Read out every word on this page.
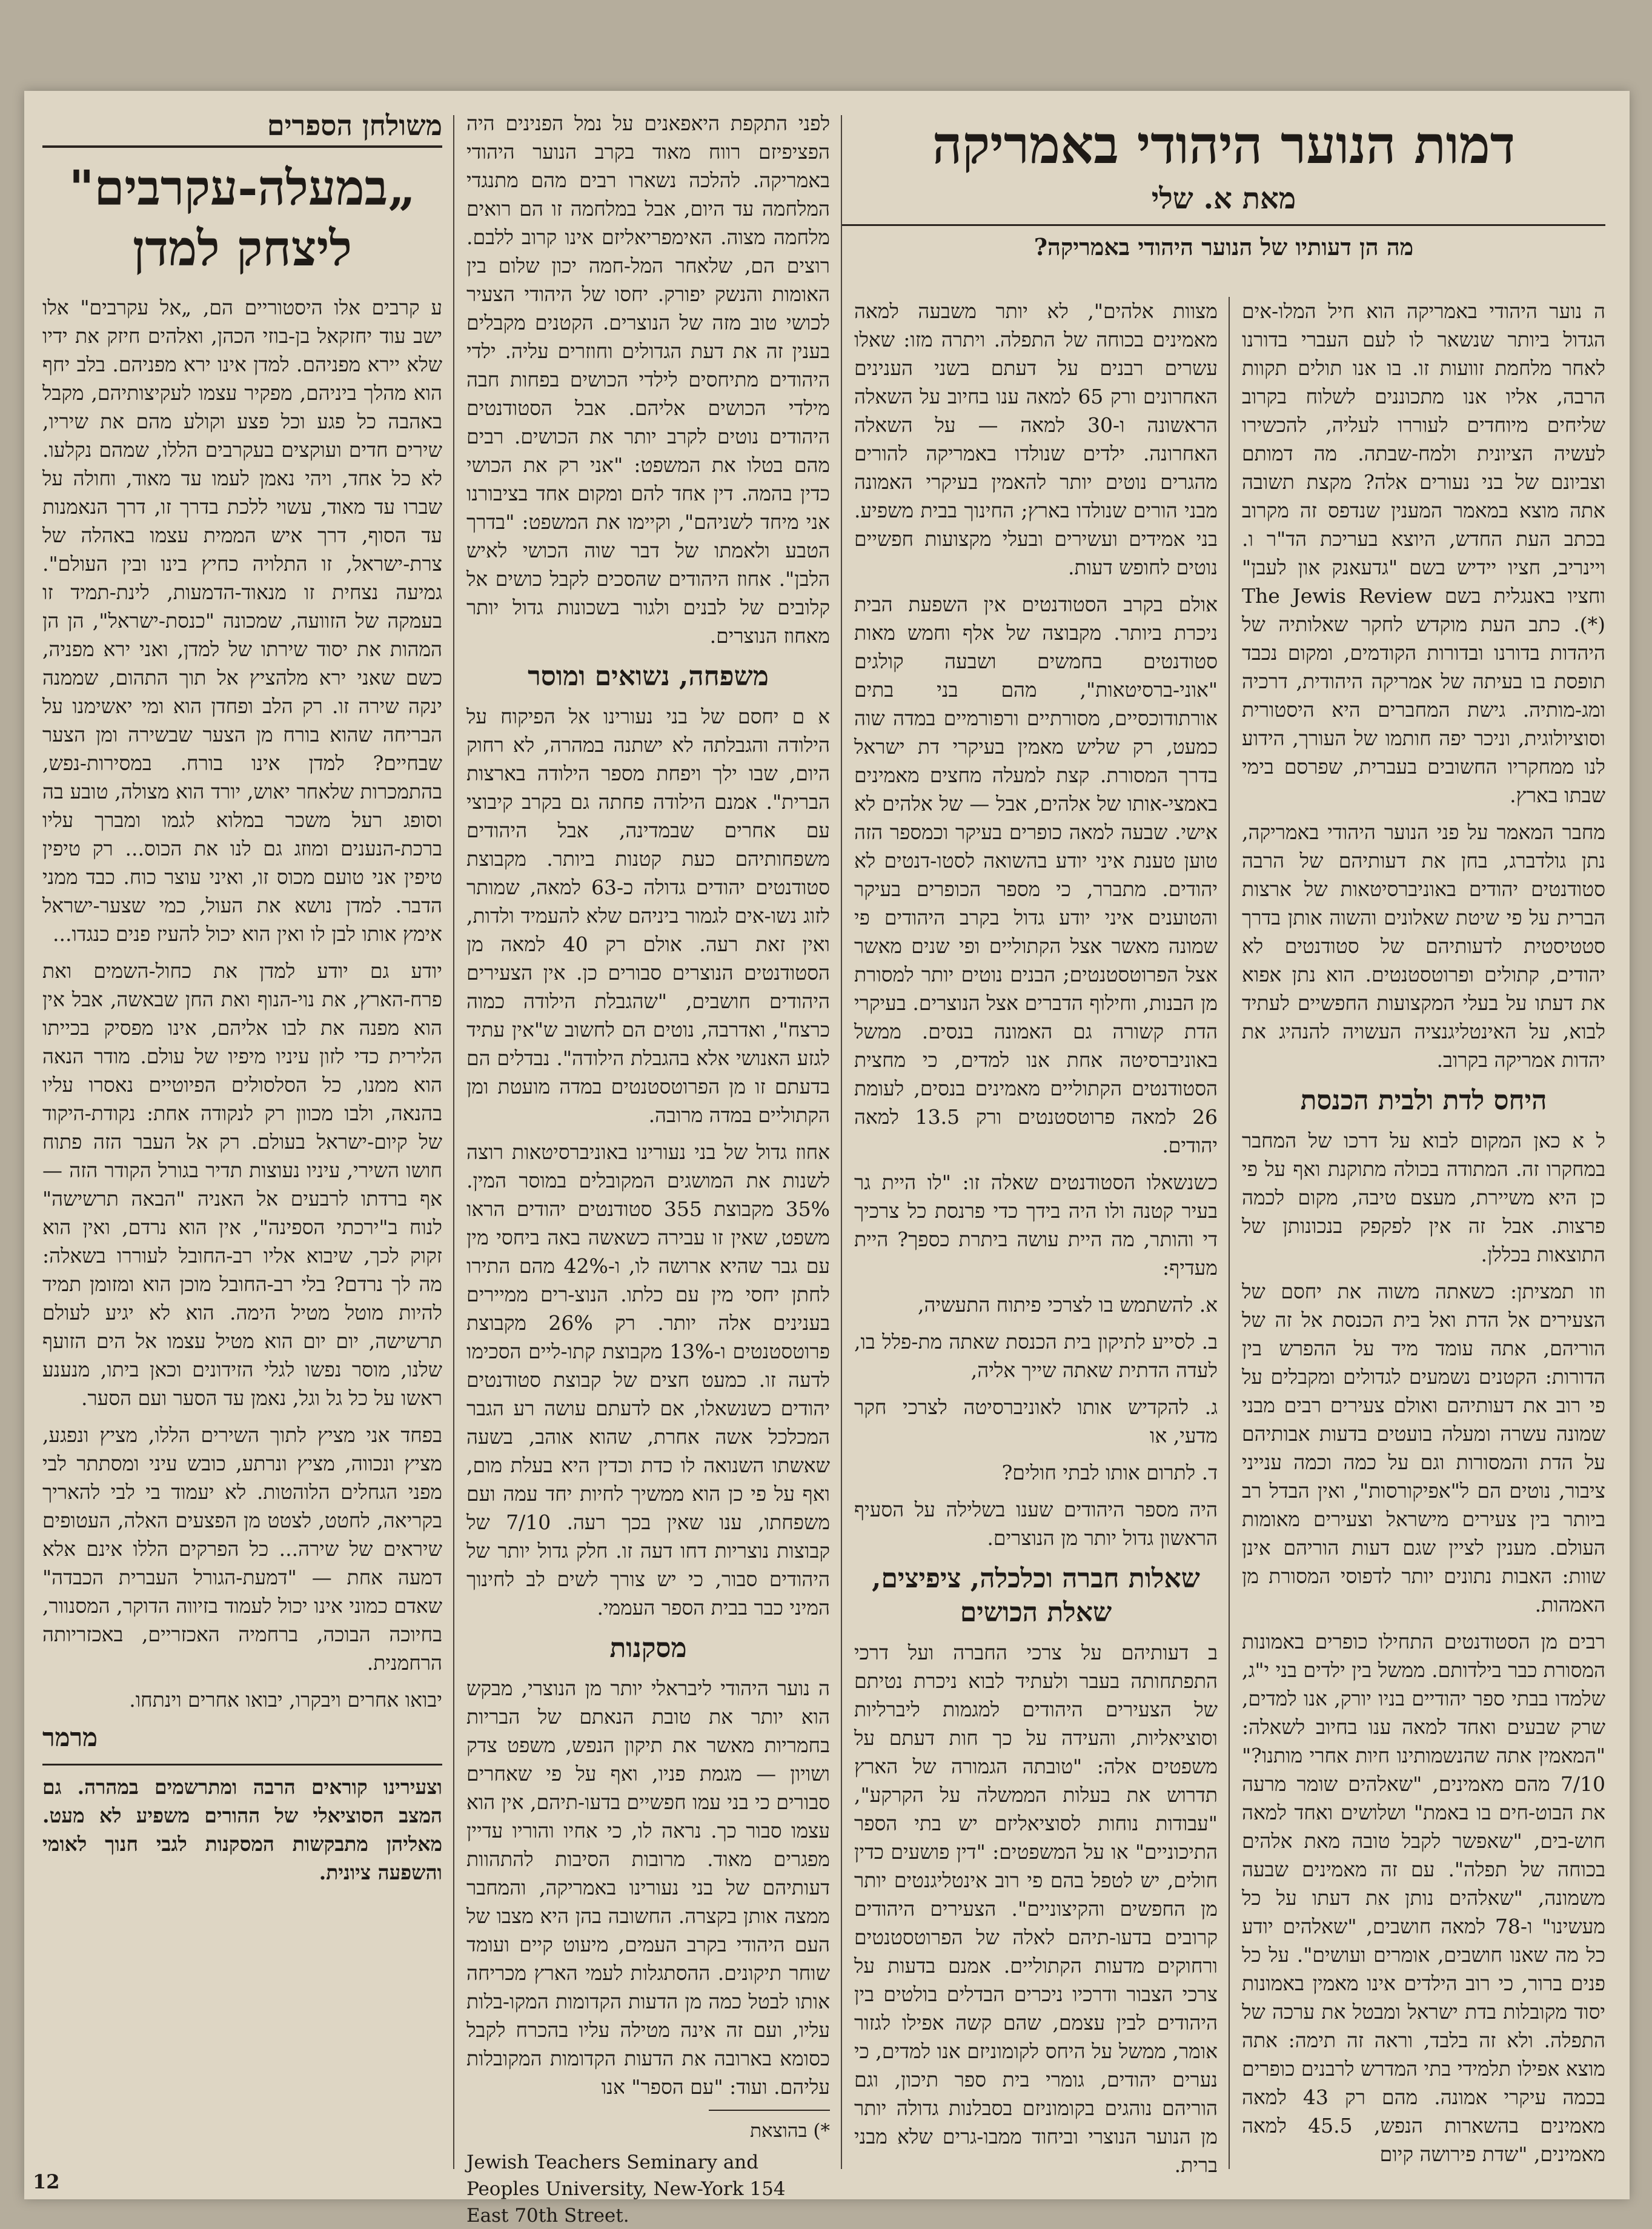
דמות הנוער היהודי באמריקה
מאת א. שלי
מה הן דעותיו של הנוער היהודי באמריקה?

ה נוער היהודי באמריקה הוא חיל המלו-אים הגדול ביותר שנשאר לו לעם העברי בדורנו לאחר מלחמת זוועות זו. בו אנו תולים תקוות הרבה, אליו אנו מתכוננים לשלוח בקרוב שליחים מיוחדים לעוררו לעליה, להכשירו לעשיה הציונית ולמח-שבתה. מה דמותם וצביונם של בני נעורים אלה? מקצת תשובה אתה מוצא במאמר המענין שנדפס זה מקרוב בכתב העת החדש, היוצא בעריכת הד"ר ו. ויינריב, חציו יידיש בשם "גדעאנק און לעבן" וחציו באנגלית בשם The Jewis Review (*). כתב העת מוקדש לחקר שאלותיה של היהדות בדורנו ובדורות הקודמים, ומקום נכבד תופסת בו בעיתה של אמריקה היהודית, דרכיה ומג-מותיה. גישת המחברים היא היסטורית וסוציולוגית, וניכר יפה חותמו של העורך, הידוע לנו ממחקריו החשובים בעברית, שפרסם בימי שבתו בארץ.

מחבר המאמר על פני הנוער היהודי באמריקה, נתן גולדברג, בחן את דעותיהם של הרבה סטודנטים יהודים באוניברסיטאות של ארצות הברית על פי שיטת שאלונים והשוה אותן בדרך סטטיסטית לדעותיהם של סטודנטים לא יהודים, קתולים ופרוטסטנטים. הוא נתן אפוא את דעתו על בעלי המקצועות החפשיים לעתיד לבוא, על האינטליגנציה העשויה להנהיג את יהדות אמריקה בקרוב.

היחס לדת ולבית הכנסת

ל א כאן המקום לבוא על דרכו של המחבר במחקרו זה. המתודה בכולה מתוקנת ואף על פי כן היא משיירת, מעצם טיבה, מקום לכמה פרצות. אבל זה אין לפקפק בנכונותן של התוצאות בכללן.

וזו תמציתן: כשאתה משוה את יחסם של הצעירים אל הדת ואל בית הכנסת אל זה של הוריהם, אתה עומד מיד על ההפרש בין הדורות: הקטנים נשמעים לגדולים ומקבלים על פי רוב את דעותיהם ואולם צעירים רבים מבני שמונה עשרה ומעלה בועטים בדעות אבותיהם על הדת והמסורות וגם על כמה וכמה ענייני ציבור, נוטים הם ל"אפיקורסות", ואין הבדל רב ביותר בין צעירים מישראל וצעירים מאומות העולם. מענין לציין שגם דעות הוריהם אינן שוות: האבות נתונים יותר לדפוסי המסורת מן האמהות.

רבים מן הסטודנטים התחילו כופרים באמונות המסורת כבר בילדותם. ממשל בין ילדים בני י"ג, שלמדו בבתי ספר יהודיים בניו יורק, אנו למדים, שרק שבעים ואחד למאה ענו בחיוב לשאלה: "המאמין אתה שהנשמותינו חיות אחרי מותנו?" 7/10 מהם מאמינים, "שאלהים שומר מרעה את הבוט-חים בו באמת" ושלושים ואחד למאה חוש-בים, "שאפשר לקבל טובה מאת אלהים בכוחה של תפלה". עם זה מאמינים שבעה משמונה, "שאלהים נותן את דעתו על כל מעשינו" ו-78 למאה חושבים, "שאלהים יודע כל מה שאנו חושבים, אומרים ועושים". על כל פנים ברור, כי רוב הילדים אינו מאמין באמונות יסוד מקובלות בדת ישראל ומבטל את ערכה של התפלה. ולא זה בלבד, וראה זה תימה: אתה מוצא אפילו תלמידי בתי המדרש לרבנים כופרים בכמה עיקרי אמונה. מהם רק 43 למאה מאמינים בהשארות הנפש, 45.5 למאה מאמינים, "שדת פירושה קיום

מצוות אלהים", לא יותר משבעה למאה מאמינים בכוחה של התפלה. ויתרה מזו: שאלו עשרים רבנים על דעתם בשני הענינים האחרונים ורק 65 למאה ענו בחיוב על השאלה הראשונה ו-30 למאה — על השאלה האחרונה. ילדים שנולדו באמריקה להורים מהגרים נוטים יותר להאמין בעיקרי האמונה מבני הורים שנולדו בארץ; החינוך בבית משפיע. בני אמידים ועשירים ובעלי מקצועות חפשיים נוטים לחופש דעות.

אולם בקרב הסטודנטים אין השפעת הבית ניכרת ביותר. מקבוצה של אלף וחמש מאות סטודנטים בחמשים ושבעה קולגים "אוני-ברסיטאות", מהם בני בתים אורתודוכסיים, מסורתיים ורפורמיים במדה שוה כמעט, רק שליש מאמין בעיקרי דת ישראל בדרך המסורת. קצת למעלה מחצים מאמינים באמצי-אותו של אלהים, אבל — של אלהים לא אישי. שבעה למאה כופרים בעיקר וכמספר הזה טוען טענת איני יודע בהשואה לסטו-דנטים לא יהודים. מתברר, כי מספר הכופרים בעיקר והטוענים איני יודע גדול בקרב היהודים פי שמונה מאשר אצל הקתוליים ופי שנים מאשר אצל הפרוטסטנטים; הבנים נוטים יותר למסורת מן הבנות, וחילוף הדברים אצל הנוצרים. בעיקרי הדת קשורה גם האמונה בנסים. ממשל באוניברסיטה אחת אנו למדים, כי מחצית הסטודנטים הקתוליים מאמינים בנסים, לעומת 26 למאה פרוטסטנטים ורק 13.5 למאה יהודים.

כשנשאלו הסטודנטים שאלה זו: "לו היית גר בעיר קטנה ולו היה בידך כדי פרנסת כל צרכיך די והותר, מה היית עושה ביתרת כספך? היית מעדיף:

א. להשתמש בו לצרכי פיתוח התעשיה,

ב. לסייע לתיקון בית הכנסת שאתה מת-פלל בו, לעדה הדתית שאתה שייך אליה,

ג. להקדיש אותו לאוניברסיטה לצרכי חקר מדעי, או

ד. לתרום אותו לבתי חולים?

היה מספר היהודים שענו בשלילה על הסעיף הראשון גדול יותר מן הנוצרים.

שאלות חברה וכלכלה, ציפיצים, שאלת הכושים

ב דעותיהם על צרכי החברה ועל דרכי התפתחותה בעבר ולעתיד לבוא ניכרת נטיתם של הצעירים היהודים למגמות ליברליות וסוציאליות, והעידה על כך חות דעתם על משפטים אלה: "טובתה הגמורה של הארץ תדרוש את בעלות הממשלה על הקרקע", "עבודות נוחות לסוציאליזם יש בתי הספר התיכוניים" או על המשפטים: "דין פושעים כדין חולים, יש לטפל בהם פי רוב אינטליגנטים יותר מן החפשים והקיצוניים". הצעירים היהודים קרובים בדעו-תיהם לאלה של הפרוטסטנטים ורחוקים מדעות הקתוליים. אמנם בדעות על צרכי הצבור ודרכיו ניכרים הבדלים בולטים בין היהודים לבין עצמם, שהם קשה אפילו לגזור אומר, ממשל על היחס לקומוניזם אנו למדים, כי נערים יהודים, גומרי בית ספר תיכון, וגם הוריהם נוהגים בקומוניזם בסבלנות גדולה יותר מן הנוער הנוצרי וביחוד ממבו-גרים שלא מבני ברית.

לפני התקפת היאפאנים על נמל הפנינים היה הפציפיזם רווח מאוד בקרב הנוער היהודי באמריקה. להלכה נשארו רבים מהם מתנגדי המלחמה עד היום, אבל במלחמה זו הם רואים מלחמה מצוה. האימפריאליזם אינו קרוב ללבם. רוצים הם, שלאחר המל-חמה יכון שלום בין האומות והנשק יפורק. יחסו של היהודי הצעיר לכושי טוב מזה של הנוצרים. הקטנים מקבלים בענין זה את דעת הגדולים וחוזרים עליה. ילדי היהודים מתיחסים לילדי הכושים בפחות חבה מילדי הכושים אליהם. אבל הסטודנטים היהודים נוטים לקרב יותר את הכושים. רבים מהם בטלו את המשפט: "אני רק את הכושי כדין בהמה. דין אחד להם ומקום אחד בציבורנו אני מיחד לשניהם", וקיימו את המשפט: "בדרך הטבע ולאמתו של דבר שוה הכושי לאיש הלבן". אחוז היהודים שהסכים לקבל כושים אל קלובים של לבנים ולגור בשכונות גדול יותר מאחוז הנוצרים.

משפחה, נשואים ומוסר

א ם יחסם של בני נעורינו אל הפיקוח על הילודה והגבלתה לא ישתנה במהרה, לא רחוק היום, שבו ילך ויפחת מספר הילודה בארצות הברית". אמנם הילודה פחתה גם בקרב קיבוצי עם אחרים שבמדינה, אבל היהודים משפחותיהם כעת קטנות ביותר. מקבוצת סטודנטים יהודים גדולה כ-63 למאה, שמותר לזוג נשו-אים לגמור ביניהם שלא להעמיד ולדות, ואין זאת רעה. אולם רק 40 למאה מן הסטודנטים הנוצרים סבורים כן. אין הצעירים היהודים חושבים, "שהגבלת הילודה כמוה כרצח", ואדרבה, נוטים הם לחשוב ש"אין עתיד לגזע האנושי אלא בהגבלת הילודה". נבדלים הם בדעתם זו מן הפרוטסטנטים במדה מועטת ומן הקתוליים במדה מרובה.

אחוז גדול של בני נעורינו באוניברסיטאות רוצה לשנות את המושגים המקובלים במוסר המין. 35% מקבוצת 355 סטודנטים יהודים הראו משפט, שאין זו עבירה כשאשה באה ביחסי מין עם גבר שהיא ארושה לו, ו-42% מהם התירו לחתן יחסי מין עם כלתו. הנוצ-רים ממיירים בענינים אלה יותר. רק 26% מקבוצת פרוטסטנטים ו-13% מקבוצת קתו-ליים הסכימו לדעה זו. כמעט חצים של קבוצת סטודנטים יהודים כשנשאלו, אם לדעתם עושה רע הגבר המכלכל אשה אחרת, שהוא אוהב, בשעה שאשתו השנואה לו כדת וכדין היא בעלת מום, ואף על פי כן הוא ממשיך לחיות יחד עמה ועם משפחתו, ענו שאין בכך רעה. 7/10 של קבוצות נוצריות דחו דעה זו. חלק גדול יותר של היהודים סבור, כי יש צורך לשים לב לחינוך המיני כבר בבית הספר העממי.

מסקנות

ה נוער היהודי ליבראלי יותר מן הנוצרי, מבקש הוא יותר את טובת הנאתם של הבריות בחמריות מאשר את תיקון הנפש, משפט צדק ושויון — מגמת פניו, ואף על פי שאחרים סבורים כי בני עמו חפשיים בדעו-תיהם, אין הוא עצמו סבור כך. נראה לו, כי אחיו והוריו עדיין מפגרים מאוד. מרובות הסיבות להתהוות דעותיהם של בני נעורינו באמריקה, והמחבר ממצה אותן בקצרה. החשובה בהן היא מצבו של העם היהודי בקרב העמים, מיעוט קיים ועומד שוחר תיקונים. ההסתגלות לעמי הארץ מכריחה אותו לבטל כמה מן הדעות הקדומות המקו-בלות עליו, ועם זה אינה מטילה עליו בהכרח לקבל כסומא בארובה את הדעות הקדומות המקובלות עליהם. ועוד: "עם הספר" אנו

*) בהוצאת

Jewish Teachers Seminary and Peoples University, New-York 154 East 70th Street.

משולחן הספרים
„במעלה-עקרבים" ליצחק למדן

ע קרבים אלו היסטוריים הם, „אל עקרבים" אלו ישב עוד יחזקאל בן-בוזי הכהן, ואלהים חיזק את ידיו שלא יירא מפניהם. למדן אינו ירא מפניהם. בלב יחף הוא מהלך ביניהם, מפקיר עצמו לעקיצותיהם, מקבל באהבה כל פגע וכל פצע וקולע מהם את שיריו, שירים חדים ועוקצים בעקרבים הללו, שמהם נקלעו. לא כל אחד, ויהי נאמן לעמו עד מאוד, וחולה על שברו עד מאוד, עשוי ללכת בדרך זו, דרך הנאמנות עד הסוף, דרך איש הממית עצמו באהלה של צרת-ישראל, זו התלויה כחיץ בינו ובין העולם". גמיעה נצחית זו מנאוד-הדמעות, לינת-תמיד זו בעמקה של הזוועה, שמכונה "כנסת-ישראל", הן הן המהות את יסוד שירתו של למדן, ואני ירא מפניה, כשם שאני ירא מלהציץ אל תוך התהום, שממנה ינקה שירה זו. רק הלב ופחדן הוא ומי יאשימנו על הבריחה שהוא בורח מן הצער שבשירה ומן הצער שבחיים? למדן אינו בורח. במסירות-נפש, בהתמכרות שלאחר יאוש, יורד הוא מצולה, טובע בה וסופג רעל משכר במלוא לגמו ומברך עליו ברכת-הנענים ומוזג גם לנו את הכוס... רק טיפין טיפין אני טועם מכוס זו, ואיני עוצר כוח. כבד ממני הדבר. למדן נושא את העול, כמי שצער-ישראל אימץ אותו לבן לו ואין הוא יכול להעיז פנים כנגדו...

יודע גם יודע למדן את כחול-השמים ואת פרח-הארץ, את נוי-הנוף ואת החן שבאשה, אבל אין הוא מפנה את לבו אליהם, אינו מפסיק בכייתו הלירית כדי לזון עיניו מיפיו של עולם. מודר הנאה הוא ממנו, כל הסלסולים הפיוטיים נאסרו עליו בהנאה, ולבו מכוון רק לנקודה אחת: נקודת-היקוד של קיום-ישראל בעולם. רק אל העבר הזה פתוח חושו השירי, עיניו נעוצות תדיר בגורל הקודר הזה — אף ברדתו לרבעים אל האניה "הבאה תרשישה" לנוח ב"ירכתי הספינה", אין הוא נרדם, ואין הוא זקוק לכך, שיבוא אליו רב-החובל לעוררו בשאלה: מה לך נרדם? בלי רב-החובל מוכן הוא ומזומן תמיד להיות מוטל מטיל הימה. הוא לא יגיע לעולם תרשישה, יום יום הוא מטיל עצמו אל הים הזועף שלנו, מוסר נפשו לגלי הזידונים וכאן ביתו, מנענע ראשו על כל גל וגל, נאמן עד הסער ועם הסער.

בפחד אני מציץ לתוך השירים הללו, מציץ ונפגע, מציץ ונכווה, מציץ ונרתע, כובש עיני ומסתתר לבי מפני הגחלים הלוהטות. לא יעמוד בי לבי להאריך בקריאה, לחטט, לצטט מן הפצעים האלה, העטופים שיראים של שירה... כל הפרקים הללו אינם אלא דמעה אחת — "דמעת-הגורל העברית הכבדה" שאדם כמוני אינו יכול לעמוד בזיווה הדוקר, המסנוור, בחיוכה הבוכה, ברחמיה האכזריים, באכזריותה הרחמנית.

יבואו אחרים ויבקרו, יבואו אחרים וינתחו.

מרמר

וצעירינו קוראים הרבה ומתרשמים במהרה. גם המצב הסוציאלי של ההורים משפיע לא מעט. מאליהן מתבקשות המסקנות לגבי חנוך לאומי והשפעה ציונית.

12
